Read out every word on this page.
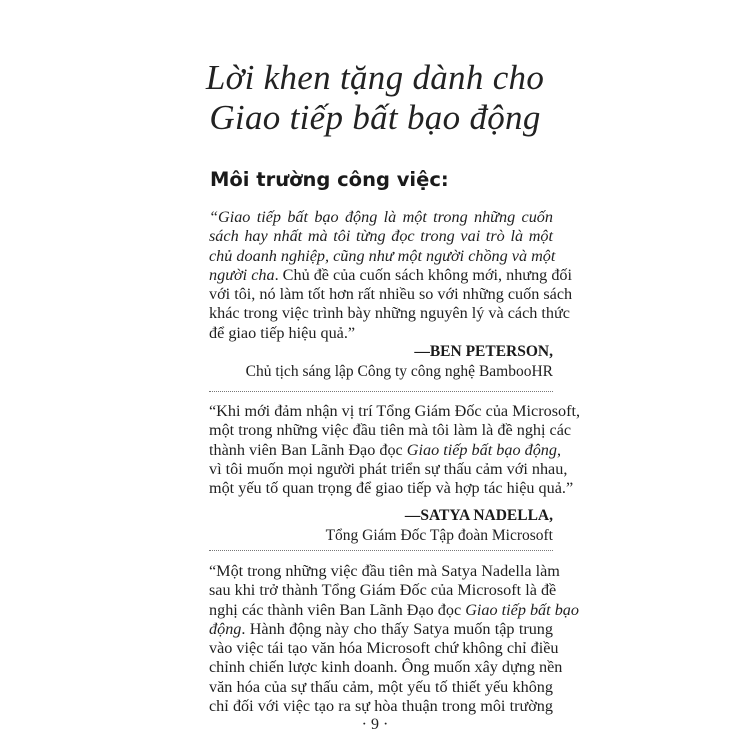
Lời khen tặng dành cho
Giao tiếp bất bạo động
Môi trường công việc:
“Giao tiếp bất bạo động là một trong những cuốn
sách hay nhất mà tôi từng đọc trong vai trò là một
chủ doanh nghiệp, cũng như một người chồng và một
người cha. Chủ đề của cuốn sách không mới, nhưng đối
với tôi, nó làm tốt hơn rất nhiều so với những cuốn sách
khác trong việc trình bày những nguyên lý và cách thức
để giao tiếp hiệu quả.”
—BEN PETERSON,
Chủ tịch sáng lập Công ty công nghệ BambooHR
“Khi mới đảm nhận vị trí Tổng Giám Đốc của Microsoft,
một trong những việc đầu tiên mà tôi làm là đề nghị các
thành viên Ban Lãnh Đạo đọc Giao tiếp bất bạo động,
vì tôi muốn mọi người phát triển sự thấu cảm với nhau,
một yếu tố quan trọng để giao tiếp và hợp tác hiệu quả.”
—SATYA NADELLA,
Tổng Giám Đốc Tập đoàn Microsoft
“Một trong những việc đầu tiên mà Satya Nadella làm
sau khi trở thành Tổng Giám Đốc của Microsoft là đề
nghị các thành viên Ban Lãnh Đạo đọc Giao tiếp bất bạo
động. Hành động này cho thấy Satya muốn tập trung
vào việc tái tạo văn hóa Microsoft chứ không chỉ điều
chỉnh chiến lược kinh doanh. Ông muốn xây dựng nền
văn hóa của sự thấu cảm, một yếu tố thiết yếu không
chỉ đối với việc tạo ra sự hòa thuận trong môi trường
· 9 ·
